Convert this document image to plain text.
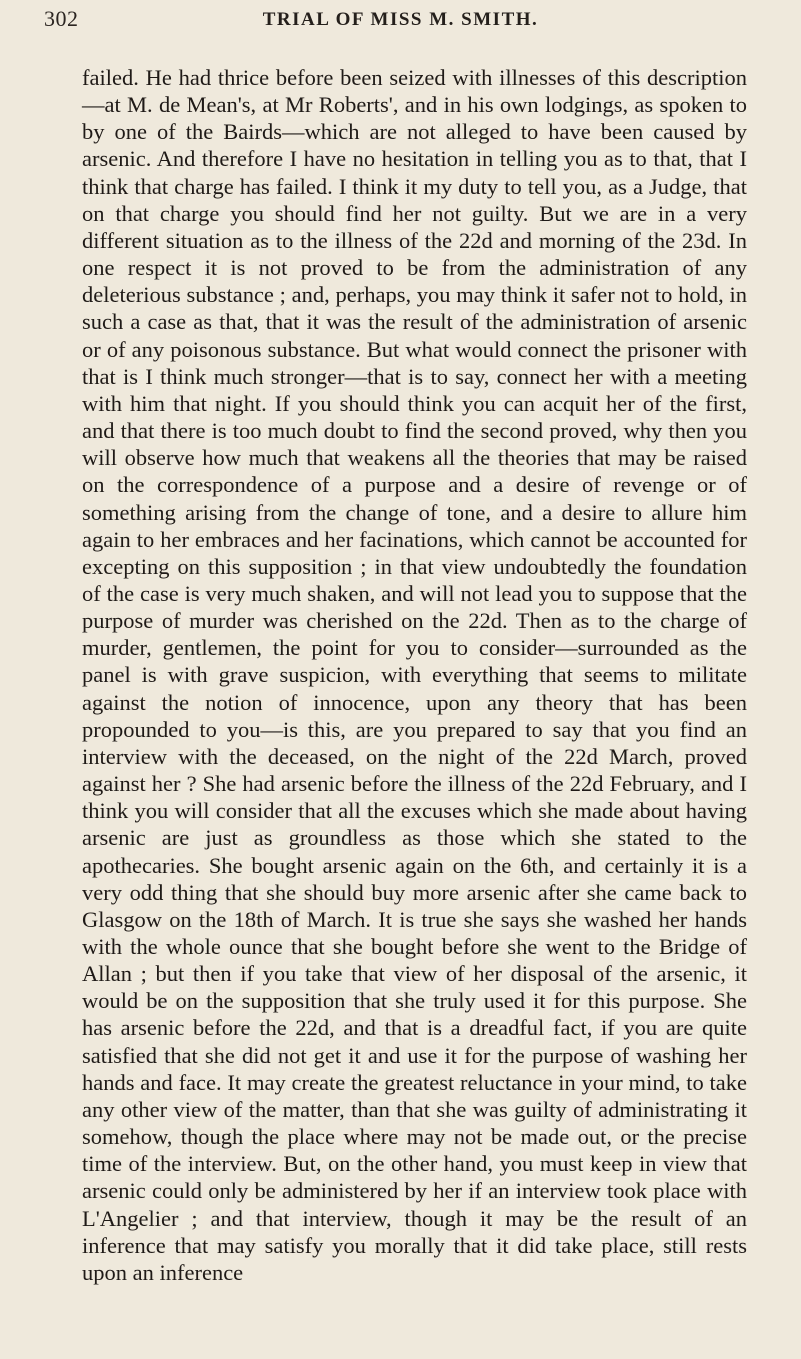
302	TRIAL OF MISS M. SMITH.

failed. He had thrice before been seized with illnesses of this description—at M. de Mean's, at Mr Roberts', and in his own lodgings, as spoken to by one of the Bairds—which are not alleged to have been caused by arsenic. And therefore I have no hesitation in telling you as to that, that I think that charge has failed. I think it my duty to tell you, as a Judge, that on that charge you should find her not guilty. But we are in a very different situation as to the illness of the 22d and morning of the 23d. In one respect it is not proved to be from the administration of any deleterious substance ; and, perhaps, you may think it safer not to hold, in such a case as that, that it was the result of the administration of arsenic or of any poisonous substance. But what would connect the prisoner with that is I think much stronger—that is to say, connect her with a meeting with him that night. If you should think you can acquit her of the first, and that there is too much doubt to find the second proved, why then you will observe how much that weakens all the theories that may be raised on the correspondence of a purpose and a desire of revenge or of something arising from the change of tone, and a desire to allure him again to her embraces and her facinations, which cannot be accounted for excepting on this supposition ; in that view undoubtedly the foundation of the case is very much shaken, and will not lead you to suppose that the purpose of murder was cherished on the 22d. Then as to the charge of murder, gentlemen, the point for you to consider—surrounded as the panel is with grave suspicion, with everything that seems to militate against the notion of innocence, upon any theory that has been propounded to you—is this, are you prepared to say that you find an interview with the deceased, on the night of the 22d March, proved against her ? She had arsenic before the illness of the 22d February, and I think you will consider that all the excuses which she made about having arsenic are just as groundless as those which she stated to the apothecaries. She bought arsenic again on the 6th, and certainly it is a very odd thing that she should buy more arsenic after she came back to Glasgow on the 18th of March. It is true she says she washed her hands with the whole ounce that she bought before she went to the Bridge of Allan ; but then if you take that view of her disposal of the arsenic, it would be on the supposition that she truly used it for this purpose. She has arsenic before the 22d, and that is a dreadful fact, if you are quite satisfied that she did not get it and use it for the purpose of washing her hands and face. It may create the greatest reluctance in your mind, to take any other view of the matter, than that she was guilty of administrating it somehow, though the place where may not be made out, or the precise time of the interview. But, on the other hand, you must keep in view that arsenic could only be administered by her if an interview took place with L'Angelier ; and that interview, though it may be the result of an inference that may satisfy you morally that it did take place, still rests upon an inference
